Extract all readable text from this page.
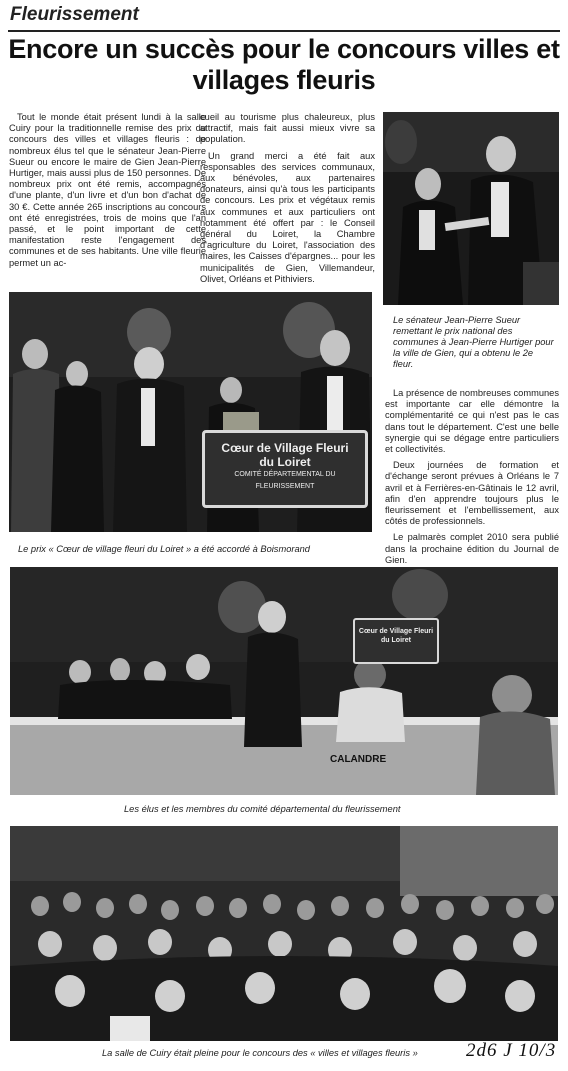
Fleurissement
Encore un succès pour le concours villes et villages fleuris

Tout le monde était présent lundi à la salle Cuiry pour la traditionnelle remise des prix du concours des villes et villages fleuris : de nombreux élus tel que le sénateur Jean-Pierre Sueur ou encore le maire de Gien Jean-Pierre Hurtiger, mais aussi plus de 150 personnes. De nombreux prix ont été remis, accompagnés d'une plante, d'un livre et d'un bon d'achat de 30 €. Cette année 265 inscriptions au concours ont été enregistrées, trois de moins que l'an passé, et le point important de cette manifestation reste l'engagement des communes et de ses habitants. Une ville fleurie permet un ac-

cueil au tourisme plus chaleureux, plus attractif, mais fait aussi mieux vivre sa population.

Un grand merci a été fait aux responsables des services communaux, aux bénévoles, aux partenaires donateurs, ainsi qu'à tous les participants de concours. Les prix et végétaux remis aux communes et aux particuliers ont notamment été offert par : le Conseil général du Loiret, la Chambre d'agriculture du Loiret, l'association des maires, les Caisses d'épargnes... pour les municipalités de Gien, Villemandeur, Olivet, Orléans et Pithiviers.

Le sénateur Jean-Pierre Sueur remettant le prix national des communes à Jean-Pierre Hurtiger pour la ville de Gien, qui a obtenu le 2e fleur.
Cœur de Village Fleuri
du Loiret
COMITÉ DÉPARTEMENTAL DU FLEURISSEMENT
Le prix « Cœur de village fleuri du Loiret » a été accordé à Boismorand

La présence de nombreuses communes est importante car elle démontre la complémentarité ce qui n'est pas le cas dans tout le département. C'est une belle synergie qui se dégage entre particuliers et collectivités.

Deux journées de formation et d'échange seront prévues à Orléans le 7 avril et à Ferrières-en-Gâtinais le 12 avril, afin d'en apprendre toujours plus le fleurissement et l'embellissement, aux côtés de professionnels.

Le palmarès complet 2010 sera publié dans la prochaine édition du Journal de Gien.

Cœur de Village Fleuri
du Loiret
CALANDRE
Les élus et les membres du comité départemental du fleurissement
La salle de Cuiry était pleine pour le concours des « villes et villages fleuris »	2d6 J 10/3
